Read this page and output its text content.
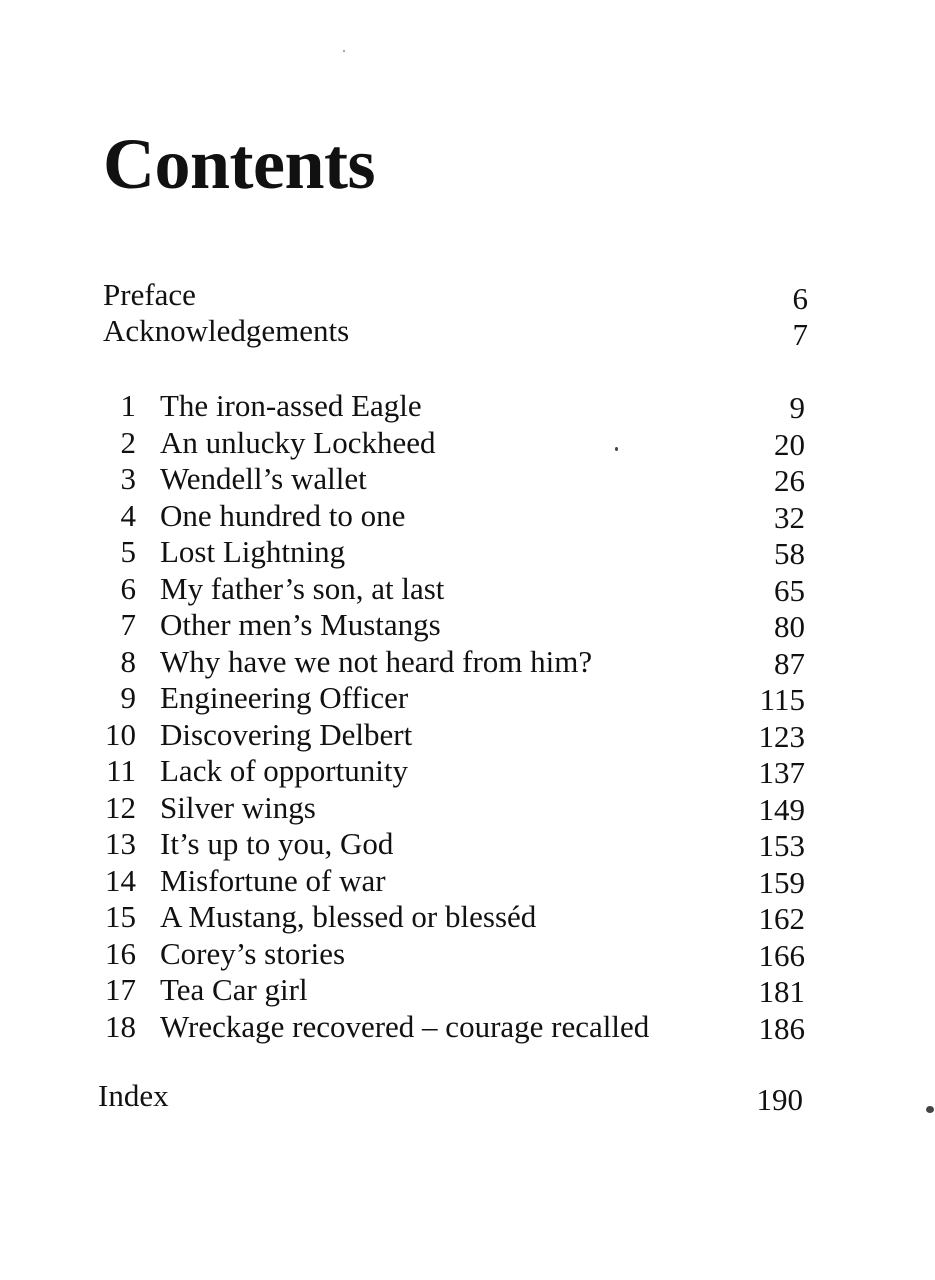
Contents
Preface	6
Acknowledgements	7
1 The iron-assed Eagle	9
2 An unlucky Lockheed	20
3 Wendell’s wallet	26
4 One hundred to one	32
5 Lost Lightning	58
6 My father’s son, at last	65
7 Other men’s Mustangs	80
8 Why have we not heard from him?	87
9 Engineering Officer	115
10 Discovering Delbert	123
11 Lack of opportunity	137
12 Silver wings	149
13 It’s up to you, God	153
14 Misfortune of war	159
15 A Mustang, blessed or blesséd	162
16 Corey’s stories	166
17 Tea Car girl	181
18 Wreckage recovered – courage recalled	186
Index	190
